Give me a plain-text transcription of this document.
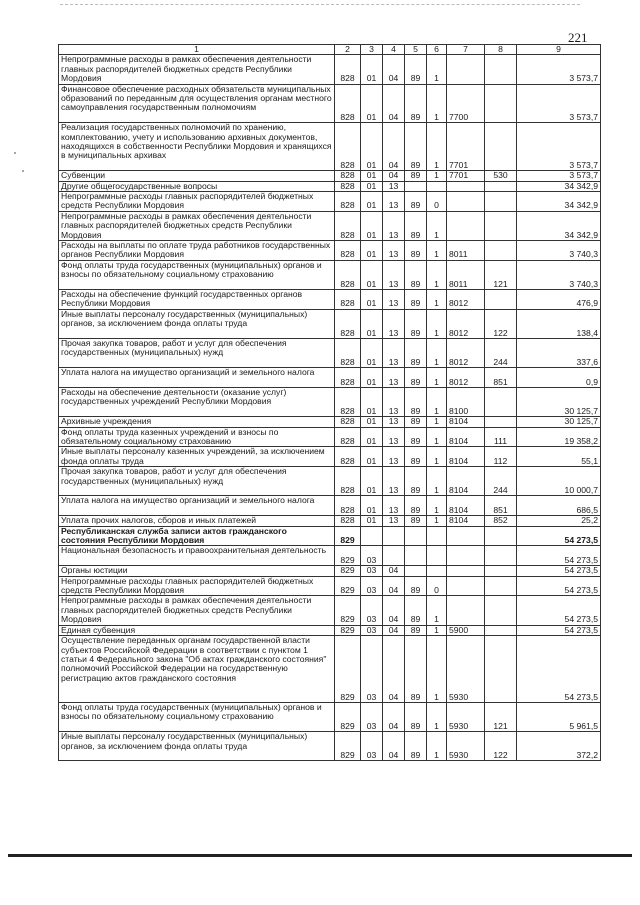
221
1	2	3	4	5	6	7	8	9
Непрограммные расходы в рамках обеспечения деятельности главных распорядителей бюджетных средств Республики Мордовия	828	01	04	89	1			3 573,7
Финансовое обеспечение расходных обязательств муниципальных образований по переданным для осуществления органам местного самоуправления государственным полномочиям	828	01	04	89	1	7700		3 573,7
Реализация государственных полномочий по хранению, комплектованию, учету и использованию архивных документов, находящихся в собственности Республики Мордовия и хранящихся в муниципальных архивах	828	01	04	89	1	7701		3 573,7
Субвенции	828	01	04	89	1	7701	530	3 573,7
Другие общегосударственные вопросы	828	01	13					34 342,9
Непрограммные расходы главных распорядителей бюджетных средств Республики Мордовия	828	01	13	89	0			34 342,9
Непрограммные расходы в рамках обеспечения деятельности главных распорядителей бюджетных средств Республики Мордовия	828	01	13	89	1			34 342,9
Расходы на выплаты по оплате труда работников государственных органов Республики Мордовия	828	01	13	89	1	8011		3 740,3
Фонд оплаты труда государственных (муниципальных) органов и взносы по обязательному социальному страхованию	828	01	13	89	1	8011	121	3 740,3
Расходы на обеспечение функций государственных органов Республики Мордовия	828	01	13	89	1	8012		476,9
Иные выплаты персоналу государственных (муниципальных) органов, за исключением фонда оплаты труда	828	01	13	89	1	8012	122	138,4
Прочая закупка товаров, работ и услуг для обеспечения государственных (муниципальных) нужд	828	01	13	89	1	8012	244	337,6
Уплата налога на имущество организаций и земельного налога	828	01	13	89	1	8012	851	0,9
Расходы на обеспечение деятельности (оказание услуг) государственных учреждений Республики Мордовия	828	01	13	89	1	8100		30 125,7
Архивные учреждения	828	01	13	89	1	8104		30 125,7
Фонд оплаты труда казенных учреждений и взносы по обязательному социальному страхованию	828	01	13	89	1	8104	111	19 358,2
Иные выплаты персоналу казенных учреждений, за исключением фонда оплаты труда	828	01	13	89	1	8104	112	55,1
Прочая закупка товаров, работ и услуг для обеспечения государственных (муниципальных) нужд	828	01	13	89	1	8104	244	10 000,7
Уплата налога на имущество организаций и земельного налога	828	01	13	89	1	8104	851	686,5
Уплата прочих налогов, сборов и иных платежей	828	01	13	89	1	8104	852	25,2
Республиканская служба записи актов гражданского состояния Республики Мордовия	829							54 273,5
Национальная безопасность и правоохранительная деятельность	829	03						54 273,5
Органы юстиции	829	03	04					54 273,5
Непрограммные расходы главных распорядителей бюджетных средств Республики Мордовия	829	03	04	89	0			54 273,5
Непрограммные расходы в рамках обеспечения деятельности главных распорядителей бюджетных средств Республики Мордовия	829	03	04	89	1			54 273,5
Единая субвенция	829	03	04	89	1	5900		54 273,5
Осуществление переданных органам государственной власти субъектов Российской Федерации в соответствии с пунктом 1 статьи 4 Федерального закона "Об актах гражданского состояния" полномочий Российской Федерации на государственную регистрацию актов гражданского состояния	829	03	04	89	1	5930		54 273,5
Фонд оплаты труда государственных (муниципальных) органов и взносы по обязательному социальному страхованию	829	03	04	89	1	5930	121	5 961,5
Иные выплаты персоналу государственных (муниципальных) органов, за исключением фонда оплаты труда	829	03	04	89	1	5930	122	372,2
